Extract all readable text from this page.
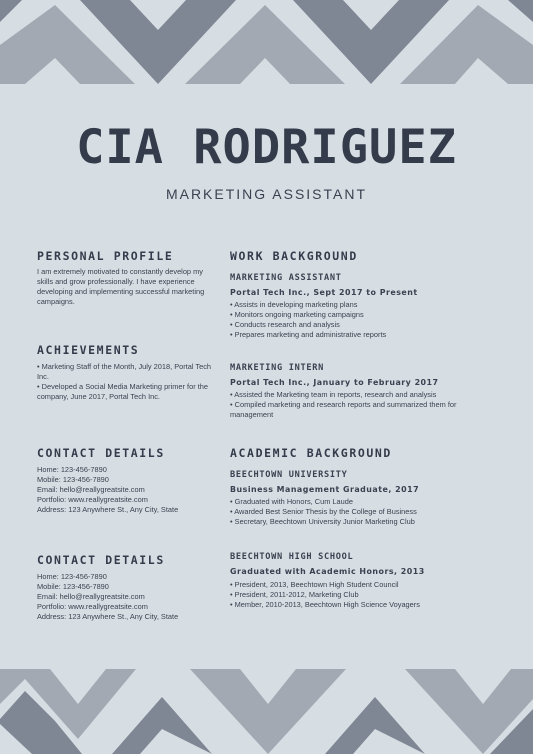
CIA RODRIGUEZ
MARKETING ASSISTANT
PERSONAL PROFILE
I am extremely motivated to constantly develop my skills and grow professionally. I have experience developing and implementing successful marketing campaigns.
ACHIEVEMENTS
• Marketing Staff of the Month, July 2018, Portal Tech Inc.
• Developed a Social Media Marketing primer for the company, June 2017, Portal Tech Inc.
CONTACT DETAILS
Home: 123-456-7890
Mobile: 123-456-7890
Email: hello@reallygreatsite.com
Portfolio: www.reallygreatsite.com
Address: 123 Anywhere St., Any City, State
CONTACT DETAILS
Home: 123-456-7890
Mobile: 123-456-7890
Email: hello@reallygreatsite.com
Portfolio: www.reallygreatsite.com
Address: 123 Anywhere St., Any City, State
WORK BACKGROUND
MARKETING ASSISTANT
Portal Tech Inc., Sept 2017 to Present
• Assists in developing marketing plans
• Monitors ongoing marketing campaigns
• Conducts research and analysis
• Prepares marketing and administrative reports
MARKETING INTERN
Portal Tech Inc., January to February 2017
• Assisted the Marketing team in reports, research and analysis
• Compiled marketing and research reports and summarized them for management
ACADEMIC BACKGROUND
BEECHTOWN UNIVERSITY
Business Management Graduate, 2017
• Graduated with Honors, Cum Laude
• Awarded Best Senior Thesis by the College of Business
• Secretary, Beechtown University Junior Marketing Club
BEECHTOWN HIGH SCHOOL
Graduated with Academic Honors, 2013
• President, 2013, Beechtown High Student Council
• President, 2011-2012, Marketing Club
• Member, 2010-2013, Beechtown High Science Voyagers
